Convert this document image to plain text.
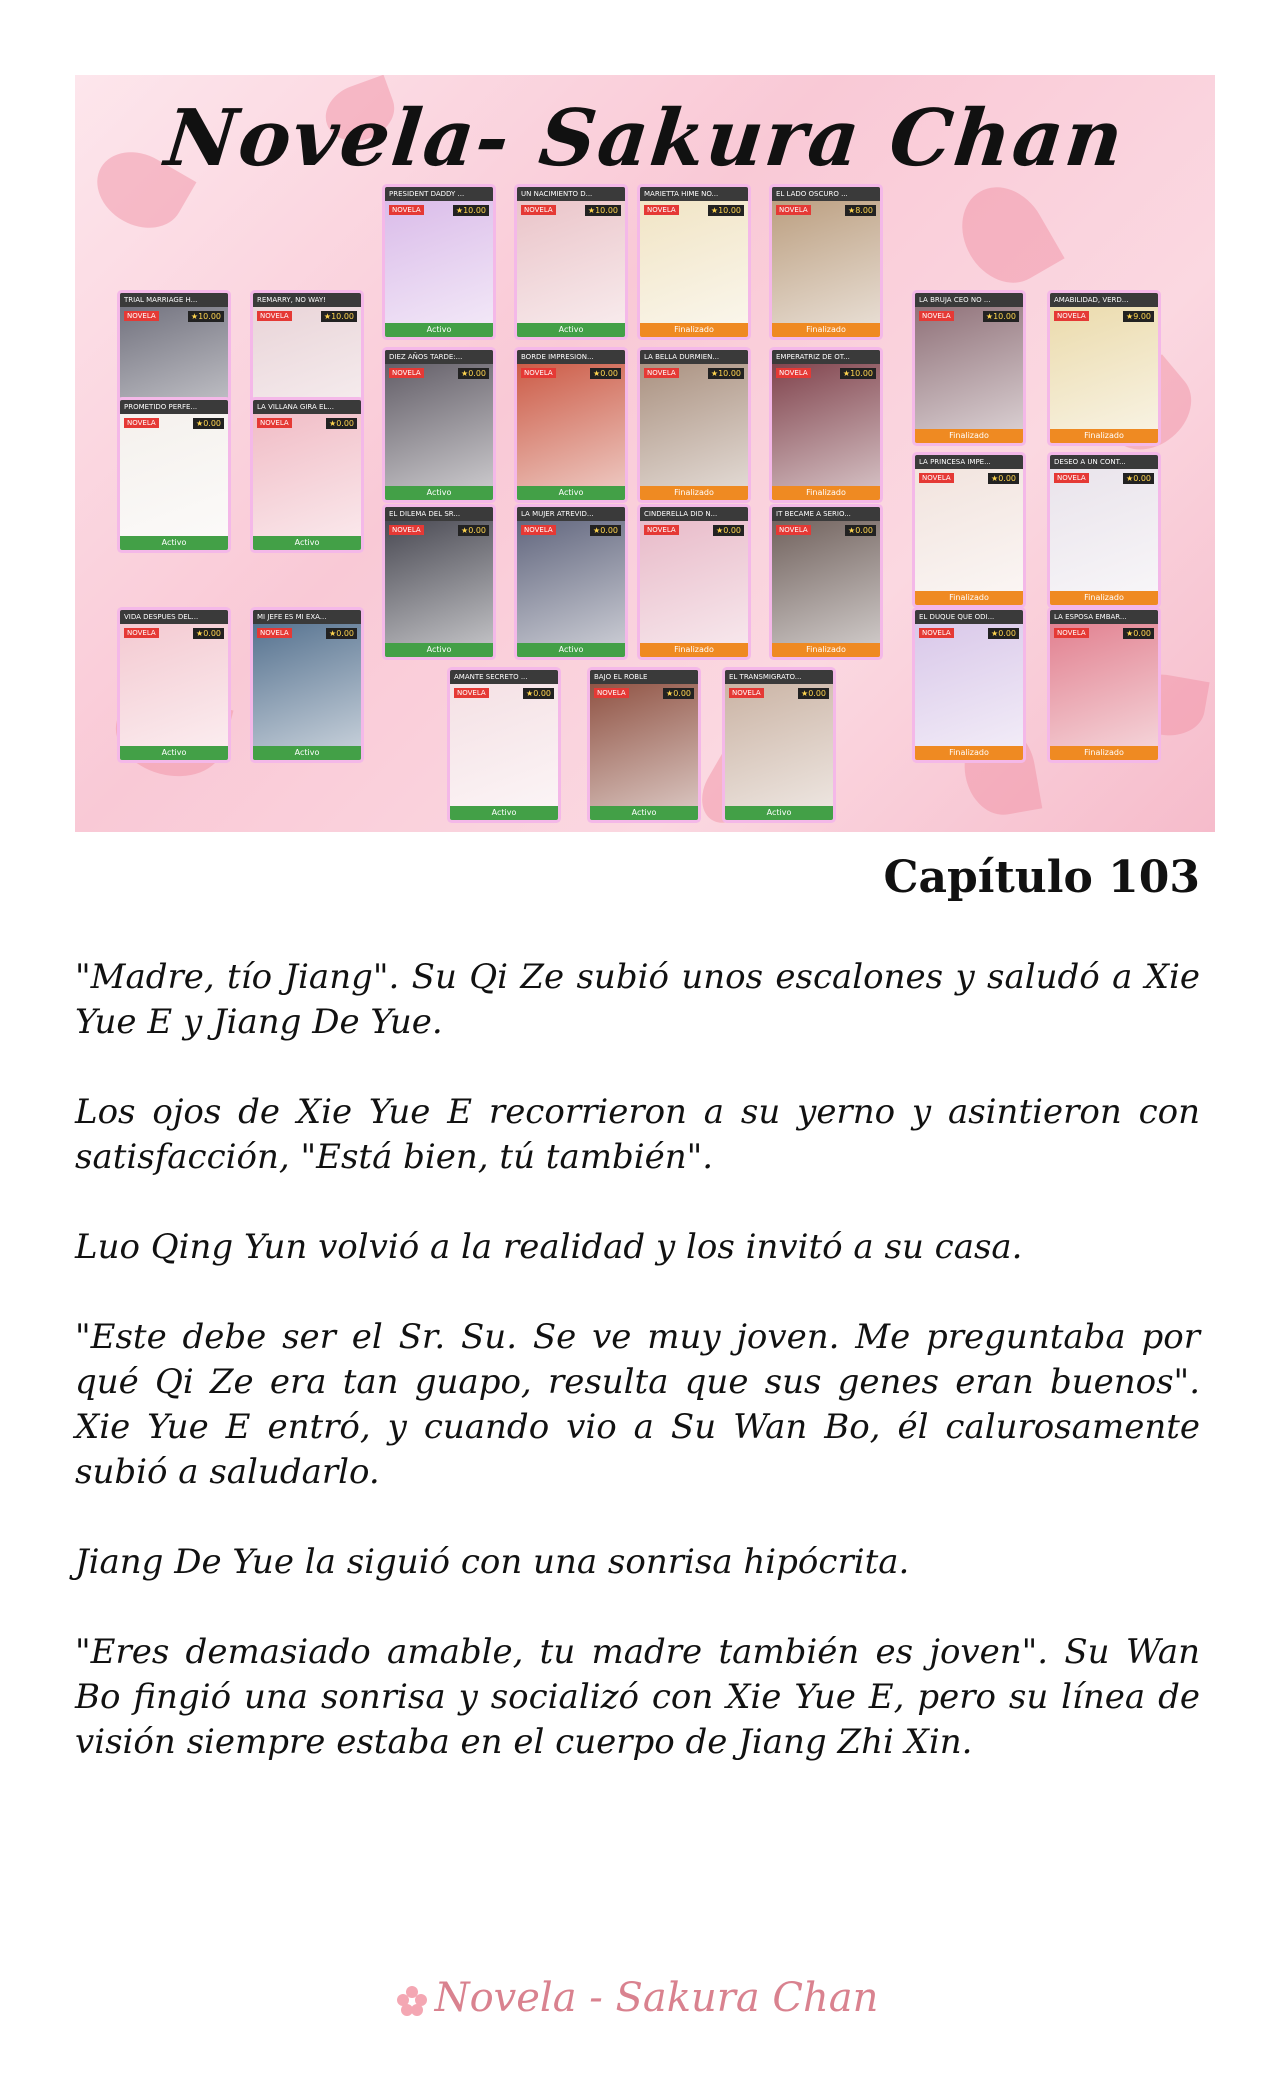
Novela- Sakura Chan
PRESIDENT DADDY ...
NOVELA	★10.00
Activo
UN NACIMIENTO D...
NOVELA	★10.00
Activo
MARIETTA HIME NO...
NOVELA	★10.00
Finalizado
EL LADO OSCURO ...
NOVELA	★8.00
Finalizado
TRIAL MARRIAGE H...
NOVELA	★10.00
REMARRY, NO WAY!
NOVELA	★10.00
DIEZ AÑOS TARDE:...
NOVELA	★0.00
Activo
BORDE IMPRESION...
NOVELA	★0.00
Activo
LA BELLA DURMIEN...
NOVELA	★10.00
Finalizado
EMPERATRIZ DE OT...
NOVELA	★10.00
Finalizado
LA BRUJA CEO NO ...
NOVELA	★10.00
Finalizado
AMABILIDAD, VERD...
NOVELA	★9.00
Finalizado
PROMETIDO PERFE...
NOVELA	★0.00
Activo
LA VILLANA GIRA EL...
NOVELA	★0.00
Activo
EL DILEMA DEL SR...
NOVELA	★0.00
Activo
LA MUJER ATREVID...
NOVELA	★0.00
Activo
CINDERELLA DID N...
NOVELA	★0.00
Finalizado
IT BECAME A SERIO...
NOVELA	★0.00
Finalizado
LA PRINCESA IMPE...
NOVELA	★0.00
Finalizado
DESEO A UN CONT...
NOVELA	★0.00
Finalizado
VIDA DESPUES DEL...
NOVELA	★0.00
Activo
MI JEFE ES MI EXA...
NOVELA	★0.00
Activo
AMANTE SECRETO ...
NOVELA	★0.00
Activo
BAJO EL ROBLE
NOVELA	★0.00
Activo
EL TRANSMIGRATO...
NOVELA	★0.00
Activo
EL DUQUE QUE ODI...
NOVELA	★0.00
Finalizado
LA ESPOSA EMBAR...
NOVELA	★0.00
Finalizado
Capítulo 103

"Madre, tío Jiang". Su Qi Ze subió unos escalones y saludó a Xie Yue E y Jiang De Yue.

Los ojos de Xie Yue E recorrieron a su yerno y asintieron con satisfacción, "Está bien, tú también".

Luo Qing Yun volvió a la realidad y los invitó a su casa.

"Este debe ser el Sr. Su. Se ve muy joven. Me preguntaba por qué Qi Ze era tan guapo, resulta que sus genes eran buenos". Xie Yue E entró, y cuando vio a Su Wan Bo, él calurosamente subió a saludarlo.

Jiang De Yue la siguió con una sonrisa hipócrita.

"Eres demasiado amable, tu madre también es joven". Su Wan Bo fingió una sonrisa y socializó con Xie Yue E, pero su línea de visión siempre estaba en el cuerpo de Jiang Zhi Xin.

Novela - Sakura Chan
